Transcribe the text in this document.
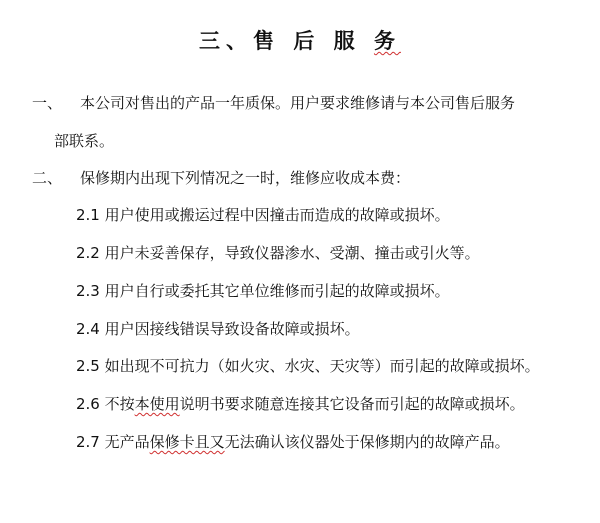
三、售 后 服 务
一、 本公司对售出的产品一年质保。用户要求维修请与本公司售后服务

部联系。

二、 保修期内出现下列情况之一时，维修应收成本费：

2.1 用户使用或搬运过程中因撞击而造成的故障或损坏。

2.2 用户未妥善保存，导致仪器渗水、受潮、撞击或引火等。

2.3 用户自行或委托其它单位维修而引起的故障或损坏。

2.4 用户因接线错误导致设备故障或损坏。

2.5 如出现不可抗力（如火灾、水灾、天灾等）而引起的故障或损坏。

2.6 不按本使用说明书要求随意连接其它设备而引起的故障或损坏。

2.7 无产品保修卡且又无法确认该仪器处于保修期内的故障产品。
